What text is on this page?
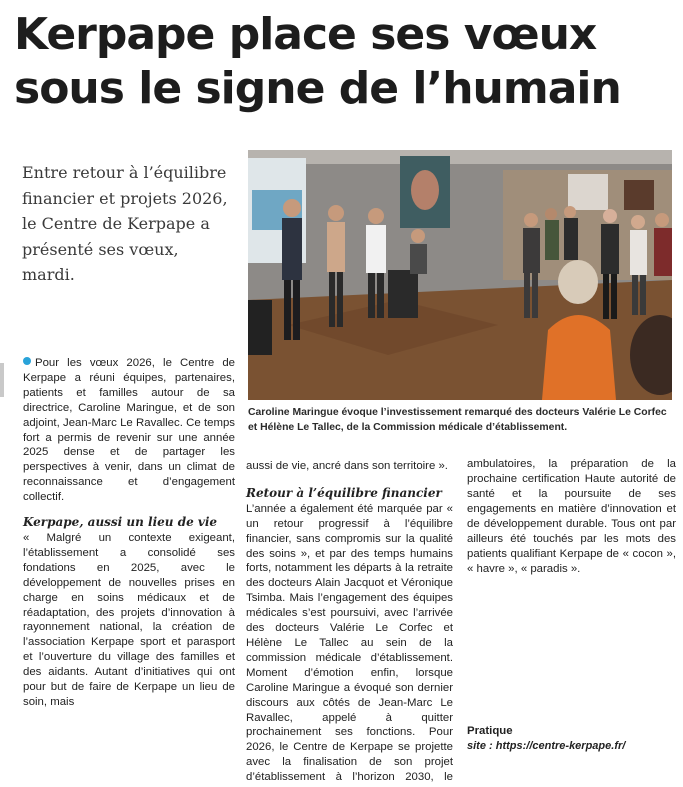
Kerpape place ses vœux
sous le signe de l’humain
Entre retour à l’équilibre financier et projets 2026, le Centre de Kerpape a présenté ses vœux, mardi.
Caroline Maringue évoque l’investissement remarqué des docteurs Valérie Le Corfec et Hélène Le Tallec, de la Commission médicale d’établissement.

Pour les vœux 2026, le Centre de Kerpape a réuni équipes, partenaires, patients et familles autour de sa directrice, Caroline Maringue, et de son adjoint, Jean-Marc Le Ravallec. Ce temps fort a permis de revenir sur une année 2025 dense et de partager les perspectives à venir, dans un climat de reconnaissance et d’engagement collectif.

Kerpape, aussi un lieu de vie

« Malgré un contexte exigeant, l’établissement a consolidé ses fondations en 2025, avec le développement de nouvelles prises en charge en soins médicaux et de réadaptation, des projets d’innovation à rayonnement national, la création de l’association Kerpape sport et parasport et l’ouverture du village des familles et des aidants. Autant d’initiatives qui ont pour but de faire de Kerpape un lieu de soin, mais

aussi de vie, ancré dans son territoire ».

Retour à l’équilibre financier

L’année a également été marquée par « un retour progressif à l’équilibre financier, sans compromis sur la qualité des soins », et par des temps humains forts, notamment les départs à la retraite des docteurs Alain Jacquot et Véronique Tsimba. Mais l’engagement des équipes médicales s’est poursuivi, avec l’arrivée des docteurs Valérie Le Corfec et Hélène Le Tallec au sein de la commission médicale d’établissement. Moment d’émotion enfin, lorsque Caroline Maringue a évoqué son dernier discours aux côtés de Jean-Marc Le Ravallec, appelé à quitter prochainement ses fonctions. Pour 2026, le Centre de Kerpape se projette avec la finalisation de son projet d’établissement à l’horizon 2030, le

ambulatoires, la préparation de la prochaine certification Haute autorité de santé et la poursuite de ses engagements en matière d’innovation et de développement durable. Tous ont par ailleurs été touchés par les mots des patients qualifiant Kerpape de « cocon », « havre », « paradis ».

Pratique

site : https://centre-kerpape.fr/
